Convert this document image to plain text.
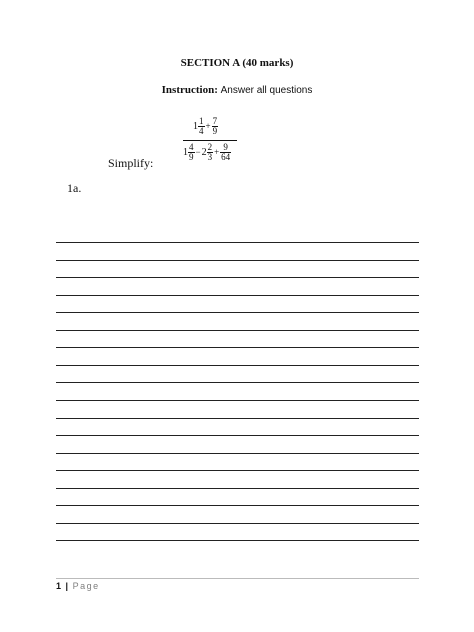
SECTION A (40 marks)
Instruction: Answer all questions
Simplify:
$1 \frac{1}{4} + \frac{7}{9}$
$1 \frac{4}{9} -2 \frac{2}{3} + \frac{9}{64}$
1a.
1 | Page
